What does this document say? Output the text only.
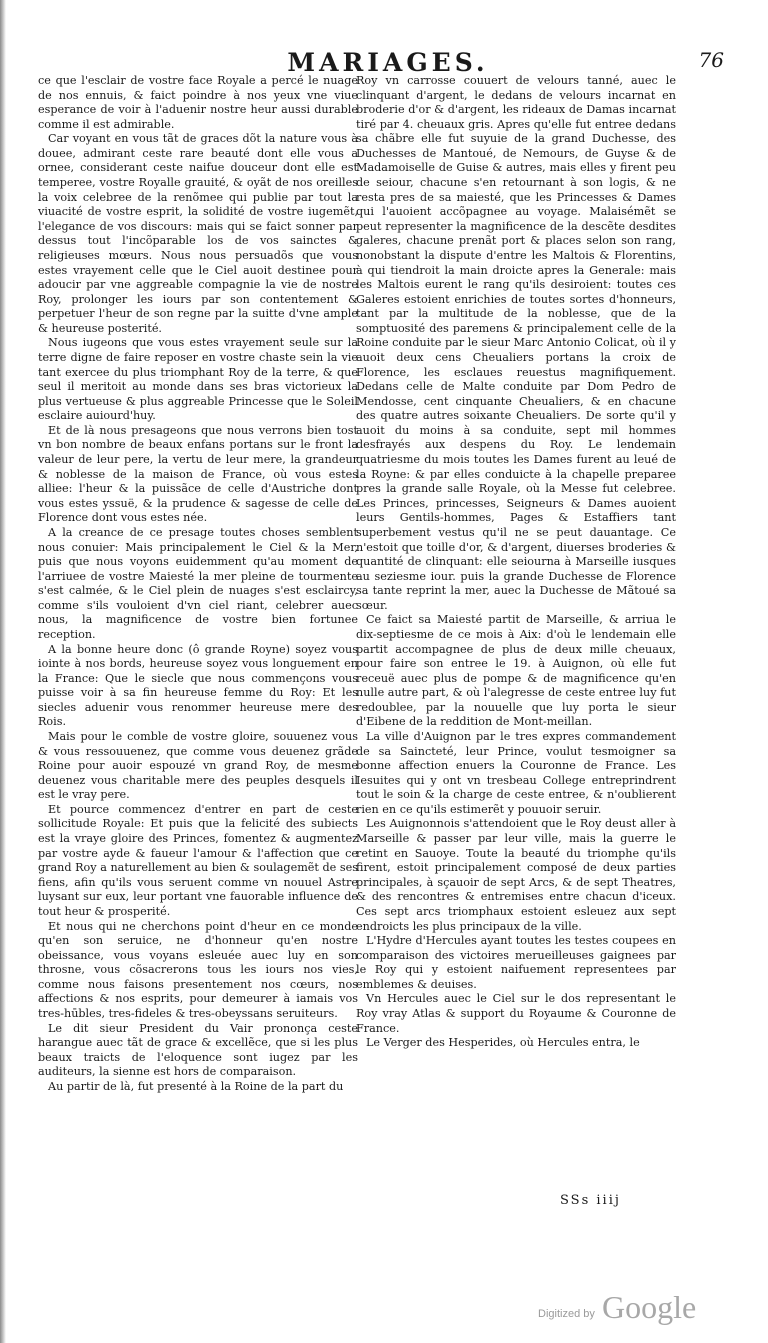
MARIAGES.	76

ce que l'esclair de vostre face Royale a percé le nuage de nos ennuis, & faict poindre à nos yeux vne viue esperance de voir à l'aduenir nostre heur aussi durable comme il est admirable.

Car voyant en vous tãt de graces dõt la nature vous à douee, admirant ceste rare beauté dont elle vous a ornee, considerant ceste naifue douceur dont elle est temperee, vostre Royalle grauité, & oyãt de nos oreilles la voix celebree de la renõmee qui publie par tout la viuacité de vostre esprit, la solidité de vostre iugemẽt, l'elegance de vos discours: mais qui se faict sonner par dessus tout l'incõparable los de vos sainctes & religieuses mœurs. Nous nous persuadõs que vous estes vrayement celle que le Ciel auoit destinee pour adoucir par vne aggreable compagnie la vie de nostre Roy, prolonger les iours par son contentement & perpetuer l'heur de son regne par la suitte d'vne ample & heureuse posterité.

Nous iugeons que vous estes vrayement seule sur la terre digne de faire reposer en vostre chaste sein la vie tant exercee du plus triomphant Roy de la terre, & que seul il meritoit au monde dans ses bras victorieux la plus vertueuse & plus aggreable Princesse que le Soleil esclaire auiourd'huy.

Et de là nous presageons que nous verrons bien tost vn bon nombre de beaux enfans portans sur le front la valeur de leur pere, la vertu de leur mere, la grandeur & noblesse de la maison de France, où vous estes alliee: l'heur & la puissãce de celle d'Austriche dont vous estes yssuë, & la prudence & sagesse de celle de Florence dont vous estes née.

A la creance de ce presage toutes choses semblent nous conuier: Mais principalement le Ciel & la Mer, puis que nous voyons euidemment qu'au moment de l'arriuee de vostre Maiesté la mer pleine de tourmente s'est calmée, & le Ciel plein de nuages s'est esclaircy, comme s'ils vouloient d'vn ciel riant, celebrer auec nous, la magnificence de vostre bien fortunee reception.

A la bonne heure donc (ô grande Royne) soyez vous iointe à nos bords, heureuse soyez vous longuement en la France: Que le siecle que nous commençons vous puisse voir à sa fin heureuse femme du Roy: Et les siecles aduenir vous renommer heureuse mere des Rois.

Mais pour le comble de vostre gloire, souuenez vous & vous ressouuenez, que comme vous deuenez grãde Roine pour auoir espouzé vn grand Roy, de mesme deuenez vous charitable mere des peuples desquels il est le vray pere.

Et pource commencez d'entrer en part de ceste sollicitude Royale: Et puis que la felicité des subiects est la vraye gloire des Princes, fomentez & augmentez par vostre ayde & faueur l'amour & l'affection que ce grand Roy a naturellement au bien & soulagemẽt de ses fiens, afin qu'ils vous seruent comme vn nouuel Astre luysant sur eux, leur portant vne fauorable influence de tout heur & prosperité.

Et nous qui ne cherchons point d'heur en ce monde qu'en son seruice, ne d'honneur qu'en nostre obeissance, vous voyans esleuée auec luy en son throsne, vous cõsacrerons tous les iours nos vies, comme nous faisons presentement nos cœurs, nos affections & nos esprits, pour demeurer à iamais vos tres-hūbles, tres-fideles & tres-obeyssans seruiteurs.

Le dit sieur President du Vair prononça ceste harangue auec tãt de grace & excellẽce, que si les plus beaux traicts de l'eloquence sont iugez par les auditeurs, la sienne est hors de comparaison.

Au partir de là, fut presenté à la Roine de la part du

Roy vn carrosse couuert de velours tanné, auec le clinquant d'argent, le dedans de velours incarnat en broderie d'or & d'argent, les rideaux de Damas incarnat tiré par 4. cheuaux gris. Apres qu'elle fut entree dedans sa chãbre elle fut suyuie de la grand Duchesse, des Duchesses de Mantoué, de Nemours, de Guyse & de Madamoiselle de Guise & autres, mais elles y firent peu de seiour, chacune s'en retournant à son logis, & ne resta pres de sa maiesté, que les Princesses & Dames qui l'auoient accõpagnee au voyage. Malaisémẽt se peut representer la magnificence de la descẽte desdites galeres, chacune prenãt port & places selon son rang, nonobstant la dispute d'entre les Maltois & Florentins, à qui tiendroit la main droicte apres la Generale: mais les Maltois eurent le rang qu'ils desiroient: toutes ces Galeres estoient enrichies de toutes sortes d'honneurs, tant par la multitude de la noblesse, que de la somptuosité des paremens & principalement celle de la Roine conduite par le sieur Marc Antonio Colicat, où il y auoit deux cens Cheualiers portans la croix de Florence, les esclaues reuestus magnifiquement. Dedans celle de Malte conduite par Dom Pedro de Mendosse, cent cinquante Cheualiers, & en chacune des quatre autres soixante Cheualiers. De sorte qu'il y auoit du moins à sa conduite, sept mil hommes desfrayés aux despens du Roy. Le lendemain quatriesme du mois toutes les Dames furent au leué de la Royne: & par elles conduicte à la chapelle preparee pres la grande salle Royale, où la Messe fut celebree. Les Princes, princesses, Seigneurs & Dames auoient leurs Gentils-hommes, Pages & Estaffiers tant superbement vestus qu'il ne se peut dauantage. Ce n'estoit que toille d'or, & d'argent, diuerses broderies & quantité de clinquant: elle seiourna à Marseille iusques au seziesme iour. puis la grande Duchesse de Florence sa tante reprint la mer, auec la Duchesse de Mãtoué sa sœur.

Ce faict sa Maiesté partit de Marseille, & arriua le dix-septiesme de ce mois à Aix: d'où le lendemain elle partit accompagnee de plus de deux mille cheuaux, pour faire son entree le 19. à Auignon, où elle fut receuë auec plus de pompe & de magnificence qu'en nulle autre part, & où l'alegresse de ceste entree luy fut redoublee, par la nouuelle que luy porta le sieur d'Eibene de la reddition de Mont-meillan.

La ville d'Auignon par le tres expres commandement de sa Saincteté, leur Prince, voulut tesmoigner sa bonne affection enuers la Couronne de France. Les Iesuites qui y ont vn tresbeau College entreprindrent tout le soin & la charge de ceste entree, & n'oublierent rien en ce qu'ils estimerẽt y pouuoir seruir.

Les Auignonnois s'attendoient que le Roy deust aller à Marseille & passer par leur ville, mais la guerre le retint en Sauoye. Toute la beauté du triomphe qu'ils firent, estoit principalement composé de deux parties principales, à sçauoir de sept Arcs, & de sept Theatres, & des rencontres & entremises entre chacun d'iceux. Ces sept arcs triomphaux estoient esleuez aux sept endroicts les plus principaux de la ville.

L'Hydre d'Hercules ayant toutes les testes coupees en comparaison des victoires merueilleuses gaignees par le Roy qui y estoient naifuement representees par emblemes & deuises.

Vn Hercules auec le Ciel sur le dos representant le Roy vray Atlas & support du Royaume & Couronne de France.

Le Verger des Hesperides, où Hercules entra, le

SSs iiij
Digitized by Google
